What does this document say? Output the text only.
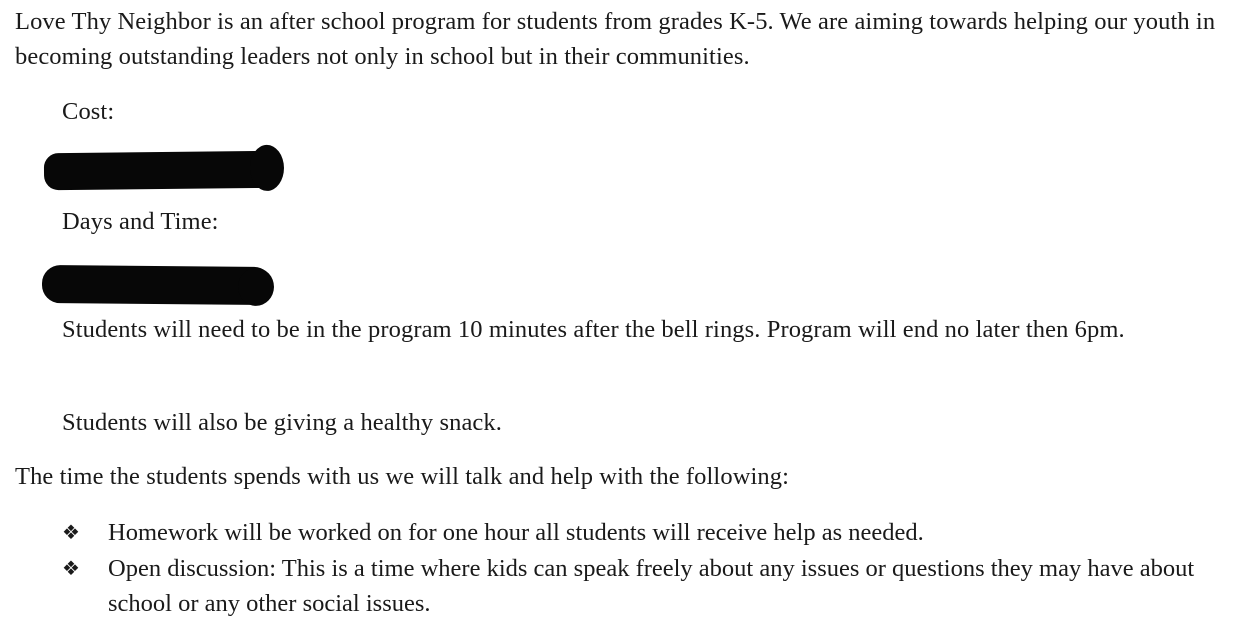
Love Thy Neighbor is an after school program for students from grades K-5. We are aiming towards helping our youth in becoming outstanding leaders not only in school but in their communities.

Cost:

Days and Time:

Students will need to be in the program 10 minutes after the bell rings. Program will end no later then 6pm.

Students will also be giving a healthy snack.

The time the students spends with us we will talk and help with the following:

❖ Homework will be worked on for one hour all students will receive help as needed.
❖ Open discussion: This is a time where kids can speak freely about any issues or questions they may have about school or any other social issues.
